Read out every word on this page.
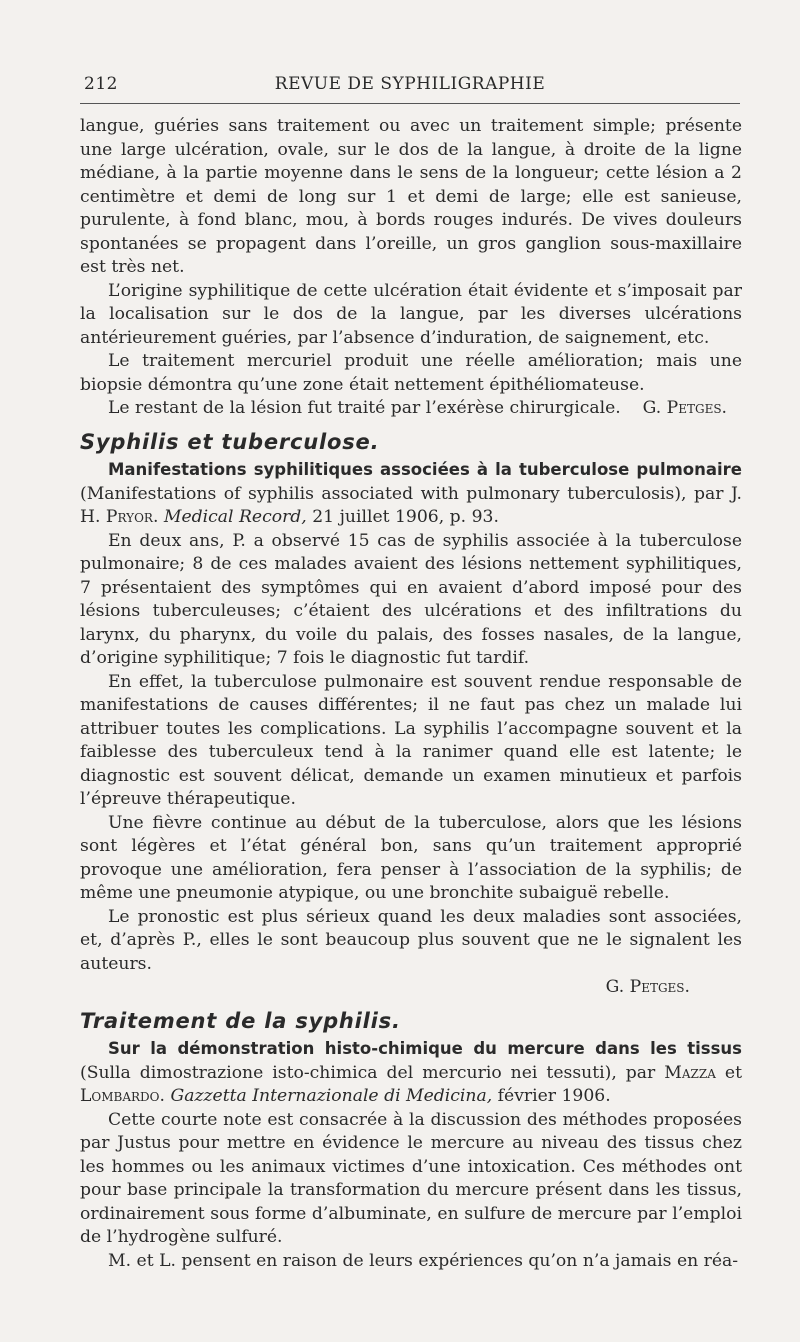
212	REVUE DE SYPHILIGRAPHIE

langue, guéries sans traitement ou avec un traitement simple; présente une large ulcération, ovale, sur le dos de la langue, à droite de la ligne médiane, à la partie moyenne dans le sens de la longueur; cette lésion a 2 centimètre et demi de long sur 1 et demi de large; elle est sanieuse, purulente, à fond blanc, mou, à bords rouges indurés. De vives douleurs spontanées se propagent dans l’oreille, un gros ganglion sous-maxillaire est très net.

L’origine syphilitique de cette ulcération était évidente et s’imposait par la localisation sur le dos de la langue, par les diverses ulcérations antérieurement guéries, par l’absence d’induration, de saignement, etc.

Le traitement mercuriel produit une réelle amélioration; mais une biopsie démontra qu’une zone était nettement épithéliomateuse.

Le restant de la lésion fut traité par l’exérèse chirurgicale. G. Petges.

Syphilis et tuberculose.

Manifestations syphilitiques associées à la tuberculose pulmonaire (Manifestations of syphilis associated with pulmonary tuberculosis), par J. H. Pryor. Medical Record, 21 juillet 1906, p. 93.

En deux ans, P. a observé 15 cas de syphilis associée à la tuberculose pulmonaire; 8 de ces malades avaient des lésions nettement syphilitiques, 7 présentaient des symptômes qui en avaient d’abord imposé pour des lésions tuberculeuses; c’étaient des ulcérations et des infiltrations du larynx, du pharynx, du voile du palais, des fosses nasales, de la langue, d’origine syphilitique; 7 fois le diagnostic fut tardif.

En effet, la tuberculose pulmonaire est souvent rendue responsable de manifestations de causes différentes; il ne faut pas chez un malade lui attribuer toutes les complications. La syphilis l’accompagne souvent et la faiblesse des tuberculeux tend à la ranimer quand elle est latente; le diagnostic est souvent délicat, demande un examen minutieux et parfois l’épreuve thérapeutique.

Une fièvre continue au début de la tuberculose, alors que les lésions sont légères et l’état général bon, sans qu’un traitement approprié provoque une amélioration, fera penser à l’association de la syphilis; de même une pneumonie atypique, ou une bronchite subaiguë rebelle.

Le pronostic est plus sérieux quand les deux maladies sont associées, et, d’après P., elles le sont beaucoup plus souvent que ne le signalent les auteurs.

G. Petges.

Traitement de la syphilis.

Sur la démonstration histo-chimique du mercure dans les tissus (Sulla dimostrazione isto-chimica del mercurio nei tessuti), par Mazza et Lombardo. Gazzetta Internazionale di Medicina, février 1906.

Cette courte note est consacrée à la discussion des méthodes proposées par Justus pour mettre en évidence le mercure au niveau des tissus chez les hommes ou les animaux victimes d’une intoxication. Ces méthodes ont pour base principale la transformation du mercure présent dans les tissus, ordinairement sous forme d’albuminate, en sulfure de mercure par l’emploi de l’hydrogène sulfuré.

M. et L. pensent en raison de leurs expériences qu’on n’a jamais en réa-
